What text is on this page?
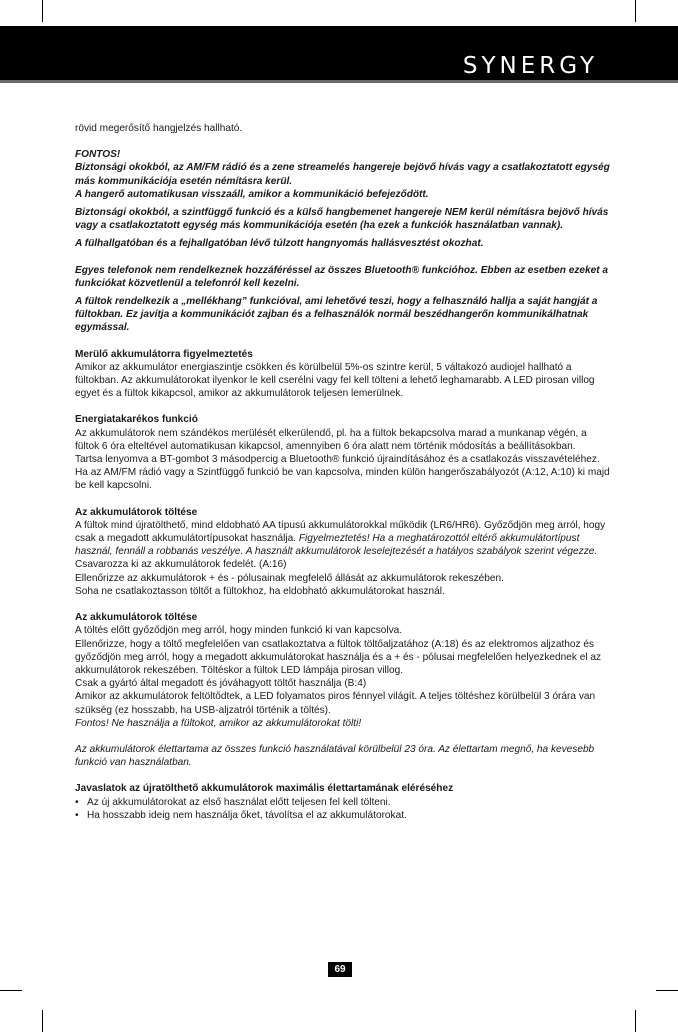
SYNERGY

rövid megerősítő hangjelzés hallható.

FONTOS!

Biztonsági okokból, az AM/FM rádió és a zene streamelés hangereje bejövő hívás vagy a csatlakoztatott egység más kommunikációja esetén némításra kerül.

A hangerő automatikusan visszaáll, amikor a kommunikáció befejeződött.

Biztonsági okokból, a szintfüggő funkció és a külső hangbemenet hangereje NEM kerül némításra bejövő hívás vagy a csatlakoztatott egység más kommunikációja esetén (ha ezek a funkciók használatban vannak).

A fülhallgatóban és a fejhallgatóban lévő túlzott hangnyomás hallásvesztést okozhat.

Egyes telefonok nem rendelkeznek hozzáféréssel az összes Bluetooth® funkcióhoz. Ebben az esetben ezeket a funkciókat közvetlenül a telefonról kell kezelni.

A fültok rendelkezik a „mellékhang” funkcióval, ami lehetővé teszi, hogy a felhasználó hallja a saját hangját a fültokban. Ez javítja a kommunikációt zajban és a felhasználók normál beszédhangerőn kommunikálhatnak egymással.

Merülő akkumulátorra figyelmeztetés

Amikor az akkumulátor energiaszintje csökken és körülbelül 5%-os szintre kerül, 5 váltakozó audiojel hallható a fültokban. Az akkumulátorokat ilyenkor le kell cserélni vagy fel kell tölteni a lehető leghamarabb. A LED pirosan villog egyet és a fültok kikapcsol, amikor az akkumulátorok teljesen lemerülnek.

Energiatakarékos funkció

Az akkumulátorok nem szándékos merülését elkerülendő, pl. ha a fültok bekapcsolva marad a munkanap végén, a fültok 6 óra elteltével automatikusan kikapcsol, amennyiben 6 óra alatt nem történik módosítás a beállításokban.

Tartsa lenyomva a BT-gombot 3 másodpercig a Bluetooth® funkció újraindításához és a csatlakozás visszavételéhez.

Ha az AM/FM rádió vagy a Szintfüggő funkció be van kapcsolva, minden külön hangerőszabályozót (A:12, A:10) ki majd be kell kapcsolni.

Az akkumulátorok töltése

A fültok mind újratölthető, mind eldobható AA típusú akkumulátorokkal működik (LR6/HR6). Győződjön meg arról, hogy csak a megadott akkumulátortípusokat használja. Figyelmeztetés! Ha a meghatározottól eltérő akkumulátortípust használ, fennáll a robbanás veszélye. A használt akkumulátorok leselejtezését a hatályos szabályok szerint végezze.

Csavarozza ki az akkumulátorok fedelét. (A:16)

Ellenőrizze az akkumulátorok + és - pólusainak megfelelő állását az akkumulátorok rekeszében.

Soha ne csatlakoztasson töltőt a fültokhoz, ha eldobható akkumulátorokat használ.

Az akkumulátorok töltése

A töltés előtt győződjön meg arról, hogy minden funkció ki van kapcsolva.

Ellenőrizze, hogy a töltő megfelelően van csatlakoztatva a fültok töltőaljzatához (A:18) és az elektromos aljzathoz és győződjön meg arról, hogy a megadott akkumulátorokat használja és a + és - pólusai megfelelően helyezkednek el az akkumulátorok rekeszében. Töltéskor a fültok LED lámpája pirosan villog.

Csak a gyártó által megadott és jóváhagyott töltőt használja (B:4)

Amikor az akkumulátorok feltöltődtek, a LED folyamatos piros fénnyel világít. A teljes töltéshez körülbelül 3 órára van szükség (ez hosszabb, ha USB-aljzatról történik a töltés).

Fontos! Ne használja a fültokot, amikor az akkumulátorokat tölti!

Az akkumulátorok élettartama az összes funkció használatával körülbelül 23 óra. Az élettartam megnő, ha kevesebb funkció van használatban.

Javaslatok az újratölthető akkumulátorok maximális élettartamának eléréséhez

• Az új akkumulátorokat az első használat előtt teljesen fel kell tölteni.
• Ha hosszabb ideig nem használja őket, távolítsa el az akkumulátorokat.
69
